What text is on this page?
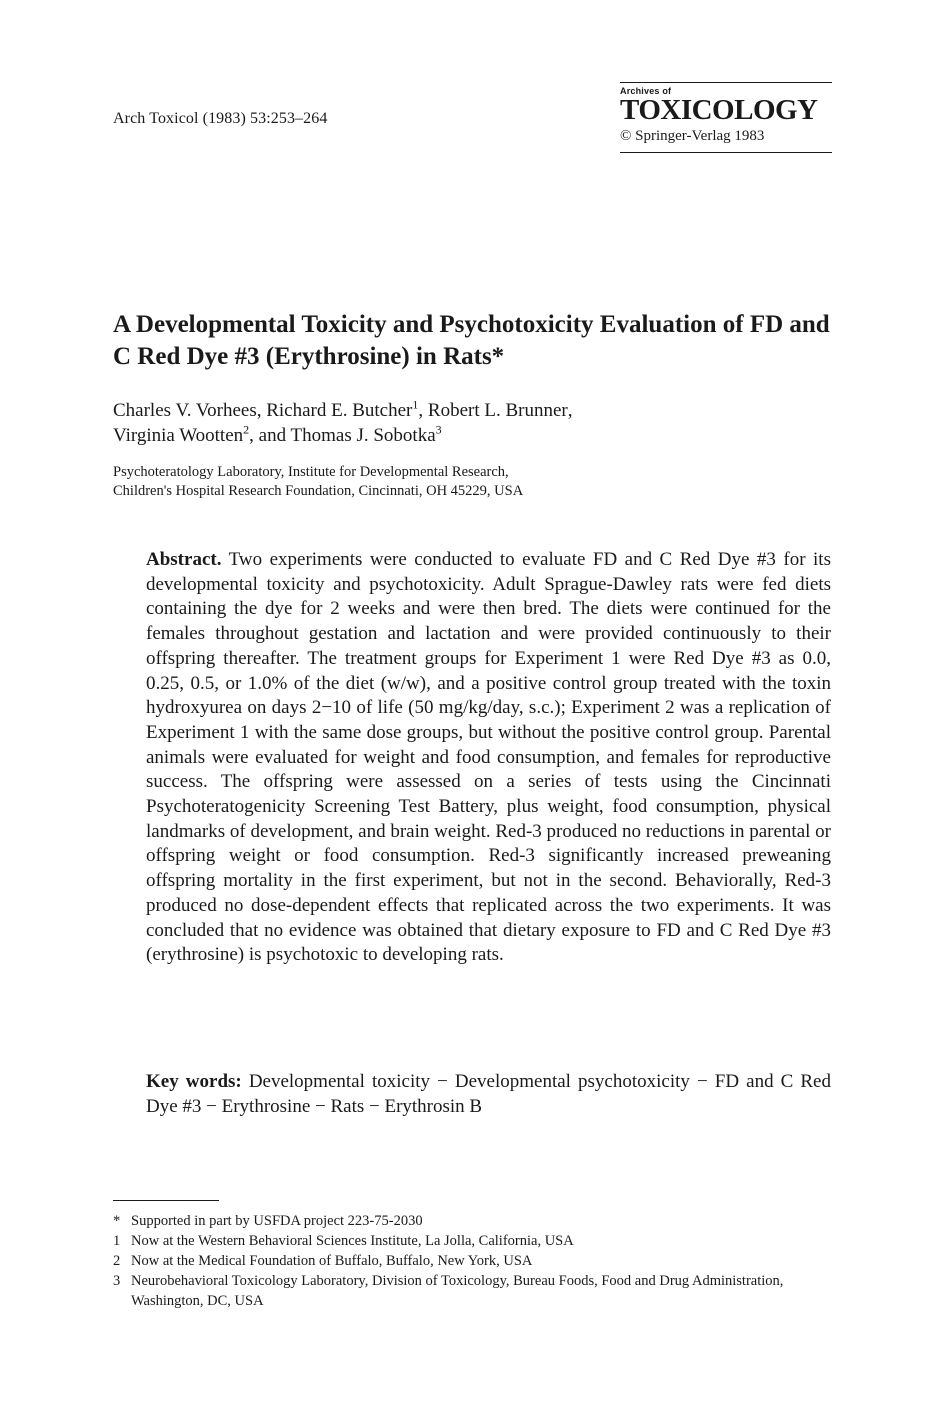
Arch Toxicol (1983) 53:253–264
Archives of
TOXICOLOGY
© Springer-Verlag 1983
A Developmental Toxicity and Psychotoxicity Evaluation of FD and C Red Dye #3 (Erythrosine) in Rats*
Charles V. Vorhees, Richard E. Butcher$^1$, Robert L. Brunner,
Virginia Wootten$^2$, and Thomas J. Sobotka$^3$
Psychoteratology Laboratory, Institute for Developmental Research,
Children's Hospital Research Foundation, Cincinnati, OH 45229, USA
Abstract. Two experiments were conducted to evaluate FD and C Red Dye #3 for its developmental toxicity and psychotoxicity. Adult Sprague-Dawley rats were fed diets containing the dye for 2 weeks and were then bred. The diets were continued for the females throughout gestation and lactation and were provided continuously to their offspring thereafter. The treatment groups for Experiment 1 were Red Dye #3 as 0.0, 0.25, 0.5, or 1.0% of the diet (w/w), and a positive control group treated with the toxin hydroxyurea on days 2−10 of life (50 mg/kg/day, s.c.); Experiment 2 was a replication of Experiment 1 with the same dose groups, but without the positive control group. Parental animals were evaluated for weight and food consumption, and females for reproductive success. The offspring were assessed on a series of tests using the Cincinnati Psychoteratogenicity Screening Test Battery, plus weight, food consumption, physical landmarks of development, and brain weight. Red-3 produced no reductions in parental or offspring weight or food consumption. Red-3 significantly increased preweaning offspring mortality in the first experiment, but not in the second. Behaviorally, Red-3 produced no dose-dependent effects that replicated across the two experiments. It was concluded that no evidence was obtained that dietary exposure to FD and C Red Dye #3 (erythrosine) is psychotoxic to developing rats.
Key words: Developmental toxicity − Developmental psychotoxicity − FD and C Red Dye #3 − Erythrosine − Rats − Erythrosin B
* Supported in part by USFDA project 223-75-2030
1 Now at the Western Behavioral Sciences Institute, La Jolla, California, USA
2 Now at the Medical Foundation of Buffalo, Buffalo, New York, USA
3 Neurobehavioral Toxicology Laboratory, Division of Toxicology, Bureau Foods, Food and Drug Administration, Washington, DC, USA
